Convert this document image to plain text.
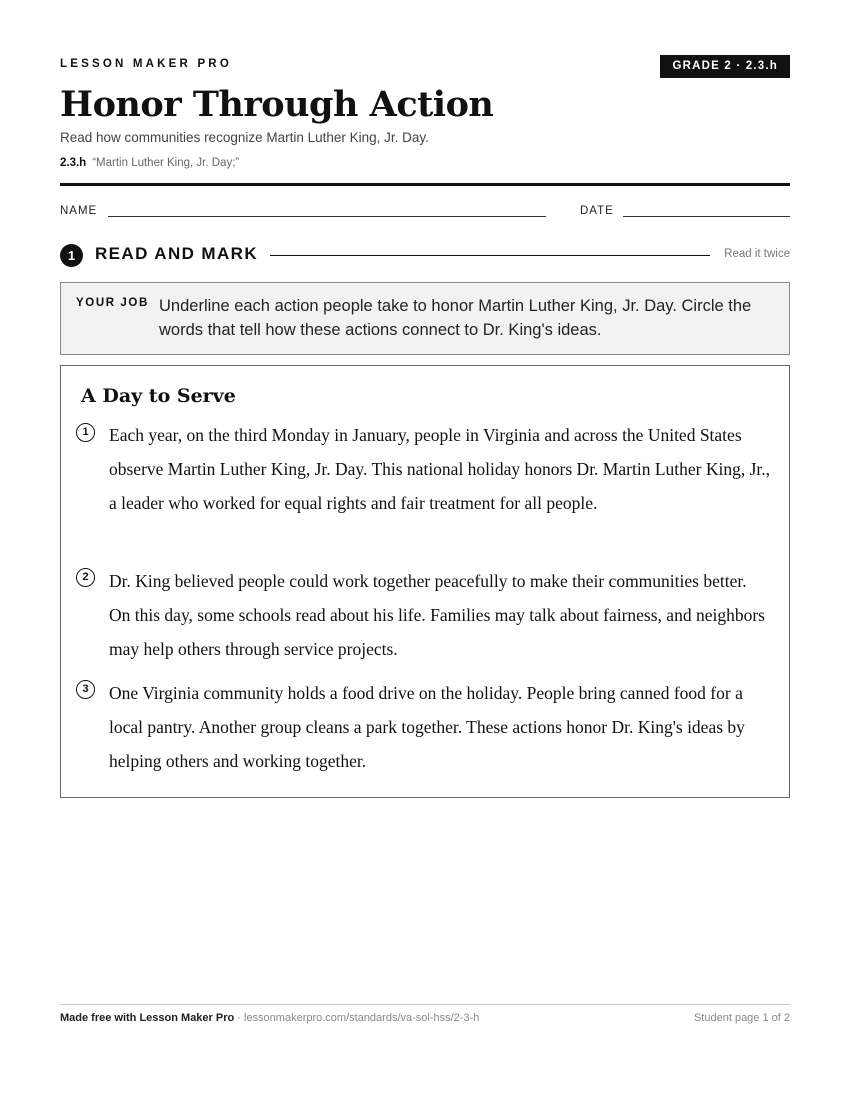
LESSON MAKER PRO	GRADE 2 · 2.3.h
Honor Through Action
Read how communities recognize Martin Luther King, Jr. Day.
2.3.h “Martin Luther King, Jr. Day;”
NAME	DATE
1	READ AND MARK	Read it twice
YOUR JOB Underline each action people take to honor Martin Luther King, Jr. Day. Circle the words that tell how these actions connect to Dr. King's ideas.
A Day to Serve
1	Each year, on the third Monday in January, people in Virginia and across the United States observe Martin Luther King, Jr. Day. This national holiday honors Dr. Martin Luther King, Jr., a leader who worked for equal rights and fair treatment for all people.
2	Dr. King believed people could work together peacefully to make their communities better. On this day, some schools read about his life. Families may talk about fairness, and neighbors may help others through service projects.
3	One Virginia community holds a food drive on the holiday. People bring canned food for a local pantry. Another group cleans a park together. These actions honor Dr. King's ideas by helping others and working together.
Made free with Lesson Maker Pro · lessonmakerpro.com/standards/va-sol-hss/2-3-h	Student page 1 of 2
